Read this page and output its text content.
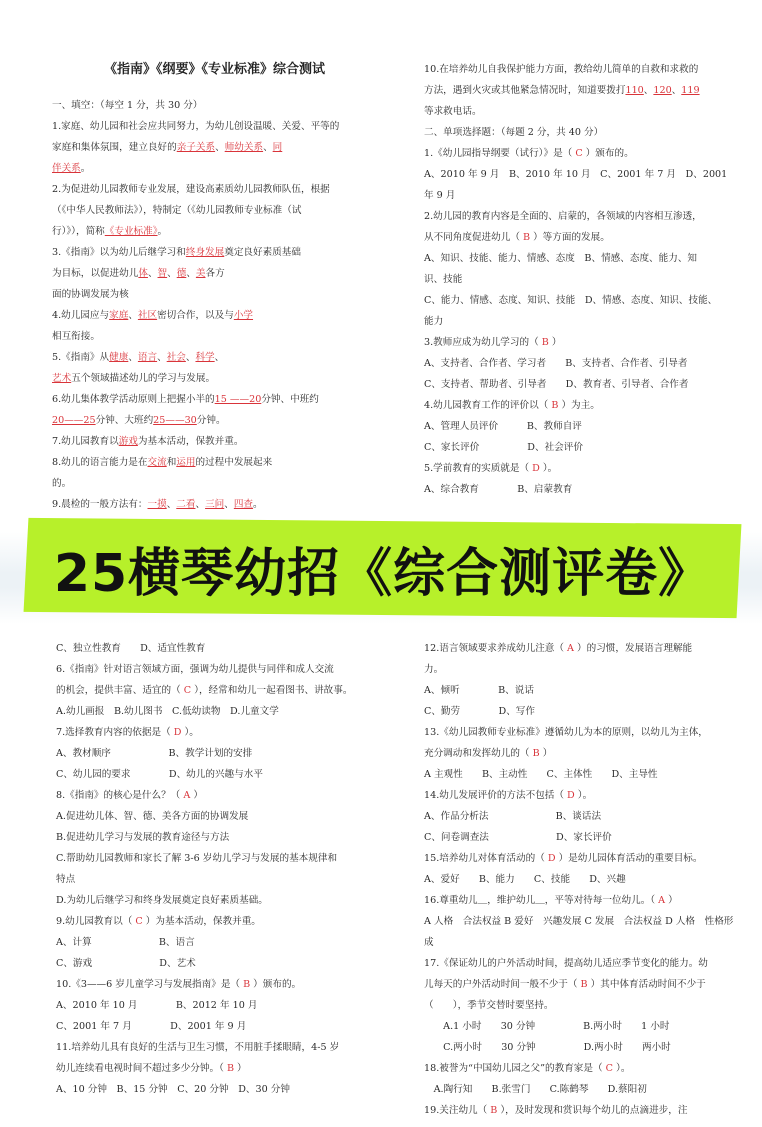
《指南》《纲要》《专业标准》综合测试
一、填空：（每空 1 分，共 30 分）
1.家庭、幼儿园和社会应共同努力，为幼儿创设温暖、关爱、平等的
家庭和集体氛围，建立良好的亲子关系、师幼关系、同
伴关系。
2.为促进幼儿园教师专业发展，建设高素质幼儿园教师队伍，根据
（《中华人民教师法》），特制定（《幼儿园教师专业标准（试
行）》），简称《专业标准》。
3.《指南》以为幼儿后继学习和终身发展奠定良好素质基础
为目标，以促进幼儿体、智、德、美各方
面的协调发展为核
4.幼儿园应与家庭、社区密切合作，以及与小学
相互衔接。
5.《指南》从健康、语言、社会、科学、
艺术五个领域描述幼儿的学习与发展。
6.幼儿集体教学活动原则上把握小半的15 ——20分钟、中班约
20——25分钟、大班约25——30分钟。
7.幼儿园教育以游戏为基本活动，保教并重。
8.幼儿的语言能力是在交流和运用的过程中发展起来
的。
9.晨检的一般方法有：一摸、二看、三问、四查。
10.在培养幼儿自我保护能力方面，教给幼儿简单的自救和求救的
方法，遇到火灾或其他紧急情况时，知道要拨打110、120、119
等求救电话。
二、单项选择题：（每题 2 分，共 40 分）
1.《幼儿园指导纲要（试行）》是（ C ）颁布的。
A、2010 年 9 月　B、2010 年 10 月　C、2001 年 7 月　D、2001
年 9 月
2.幼儿园的教育内容是全面的、启蒙的，各领域的内容相互渗透，
从不同角度促进幼儿（ B ）等方面的发展。
A、知识、技能、能力、情感、态度　B、情感、态度、能力、知
识、技能
C、能力、情感、态度、知识、技能　D、情感、态度、知识、技能、
能力
3.教师应成为幼儿学习的（ B ）
A、支持者、合作者、学习者　　B、支持者、合作者、引导者
C、支持者、帮助者、引导者　　D、教育者、引导者、合作者
4.幼儿园教育工作的评价以（ B ）为主。
A、管理人员评价　　　B、教师自评
C、家长评价　　　　　D、社会评价
5.学前教育的实质就是（ D ）。
A、综合教育　　　　B、启蒙教育
25横琴幼招《综合测评卷》
C、独立性教育　　D、适宜性教育
6.《指南》针对语言领域方面，强调为幼儿提供与同伴和成人交流
的机会，提供丰富、适宜的（ C ），经常和幼儿一起看图书、讲故事。
A.幼儿画报　B.幼儿图书　C.低幼读物　D.儿童文学
7.选择教育内容的依据是（ D ）。
A、教材顺序　　　　　　B、教学计划的安排
C、幼儿园的要求　　　　D、幼儿的兴趣与水平
8.《指南》的核心是什么？（ A ）
A.促进幼儿体、智、德、美各方面的协调发展
B.促进幼儿学习与发展的教育途径与方法
C.帮助幼儿园教师和家长了解 3-6 岁幼儿学习与发展的基本规律和
特点
D.为幼儿后继学习和终身发展奠定良好素质基础。
9.幼儿园教育以（ C ）为基本活动，保教并重。
A、计算　　　　　　　B、语言
C、游戏　　　　　　　D、艺术
10.《3——6 岁儿童学习与发展指南》是（ B ）颁布的。
A、2010 年 10 月　　　　B、2012 年 10 月
C、2001 年 7 月　　　　D、2001 年 9 月
11.培养幼儿具有良好的生活与卫生习惯，不用脏手揉眼睛，4-5 岁
幼儿连续看电视时间不超过多少分钟。（ B ）
A、10 分钟　B、15 分钟　C、20 分钟　D、30 分钟
12.语言领域要求养成幼儿注意（ A ）的习惯，发展语言理解能
力。
A、倾听　　　　B、说话
C、勤劳　　　　D、写作
13.《幼儿园教师专业标准》遵循幼儿为本的原则，以幼儿为主体，
充分调动和发挥幼儿的（ B ）
A 主观性　　B、主动性　　C、主体性　　D、主导性
14.幼儿发展评价的方法不包括（ D ）。
A、作品分析法　　　　　　　B、谈话法
C、问卷调查法　　　　　　　D、家长评价
15.培养幼儿对体育活动的（ D ）是幼儿园体育活动的重要目标。
A、爱好　　B、能力　　C、技能　　D、兴趣
16.尊重幼儿＿，维护幼儿＿，平等对待每一位幼儿。（ A ）
A 人格　合法权益 B 爱好　兴趣发展 C 发展　合法权益 D 人格　性格形
成
17.《保证幼儿的户外活动时间，提高幼儿适应季节变化的能力。幼
儿每天的户外活动时间一般不少于（ B ）其中体育活动时间不少于
（　　），季节交替时要坚持。
　　A.1 小时　　30 分钟　　　　　B.两小时　　1 小时
　　C.两小时　　30 分钟　　　　　D.两小时　　两小时
18.被誉为“中国幼儿园之父”的教育家是（ C ）。
　A.陶行知　　B.张雪门　　C.陈鹤琴　　D.蔡阳初
19.关注幼儿（ B ），及时发现和赏识每个幼儿的点滴进步，注
